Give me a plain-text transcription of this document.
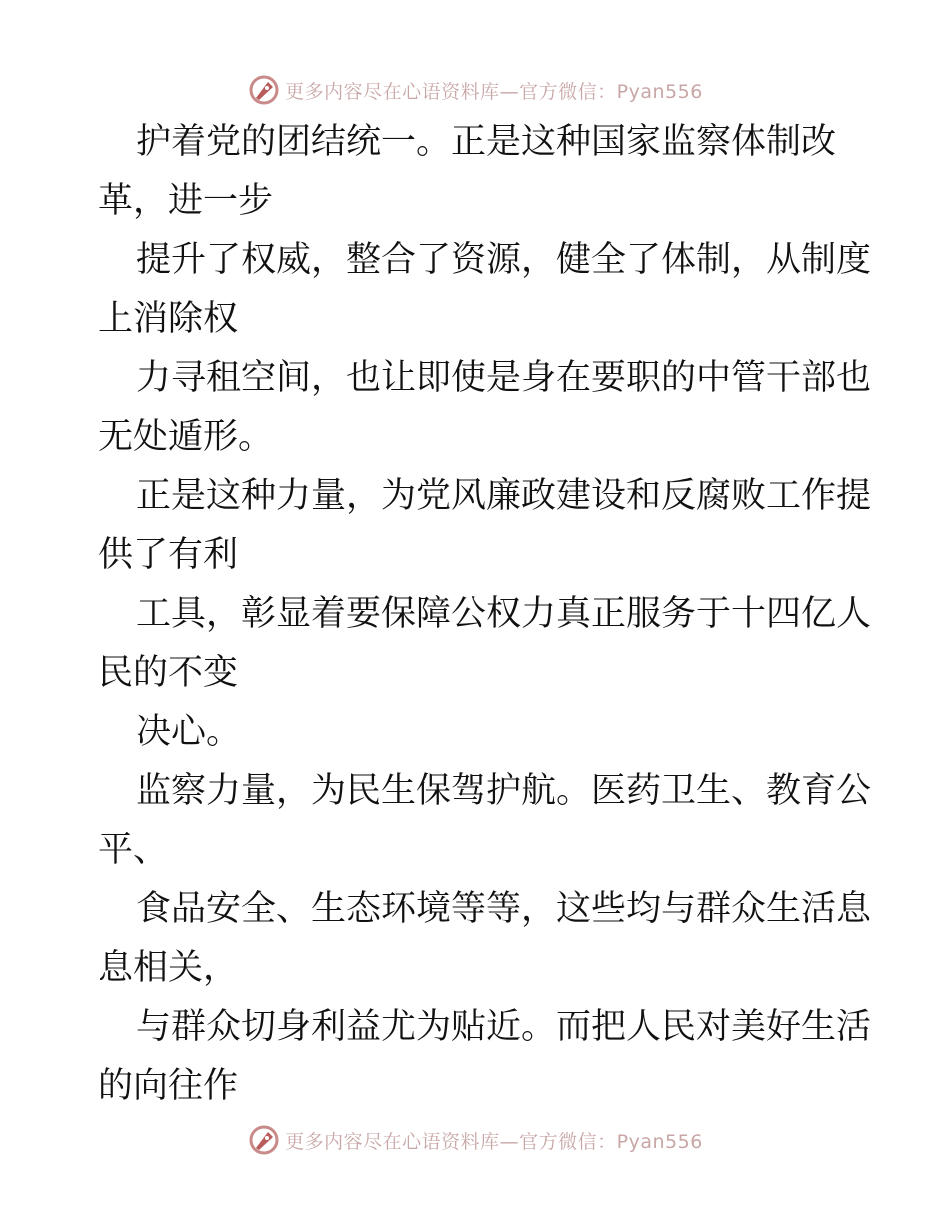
更多内容尽在心语资料库—官方微信：Pyan556
护着党的团结统一。正是这种国家监察体制改
革，进一步
提升了权威，整合了资源，健全了体制，从制度
上消除权
力寻租空间，也让即使是身在要职的中管干部也
无处遁形。
正是这种力量，为党风廉政建设和反腐败工作提
供了有利
工具，彰显着要保障公权力真正服务于十四亿人
民的不变
决心。
监察力量，为民生保驾护航。医药卫生、教育公
平、
食品安全、生态环境等等，这些均与群众生活息
息相关，
与群众切身利益尤为贴近。而把人民对美好生活
的向往作
更多内容尽在心语资料库—官方微信：Pyan556
